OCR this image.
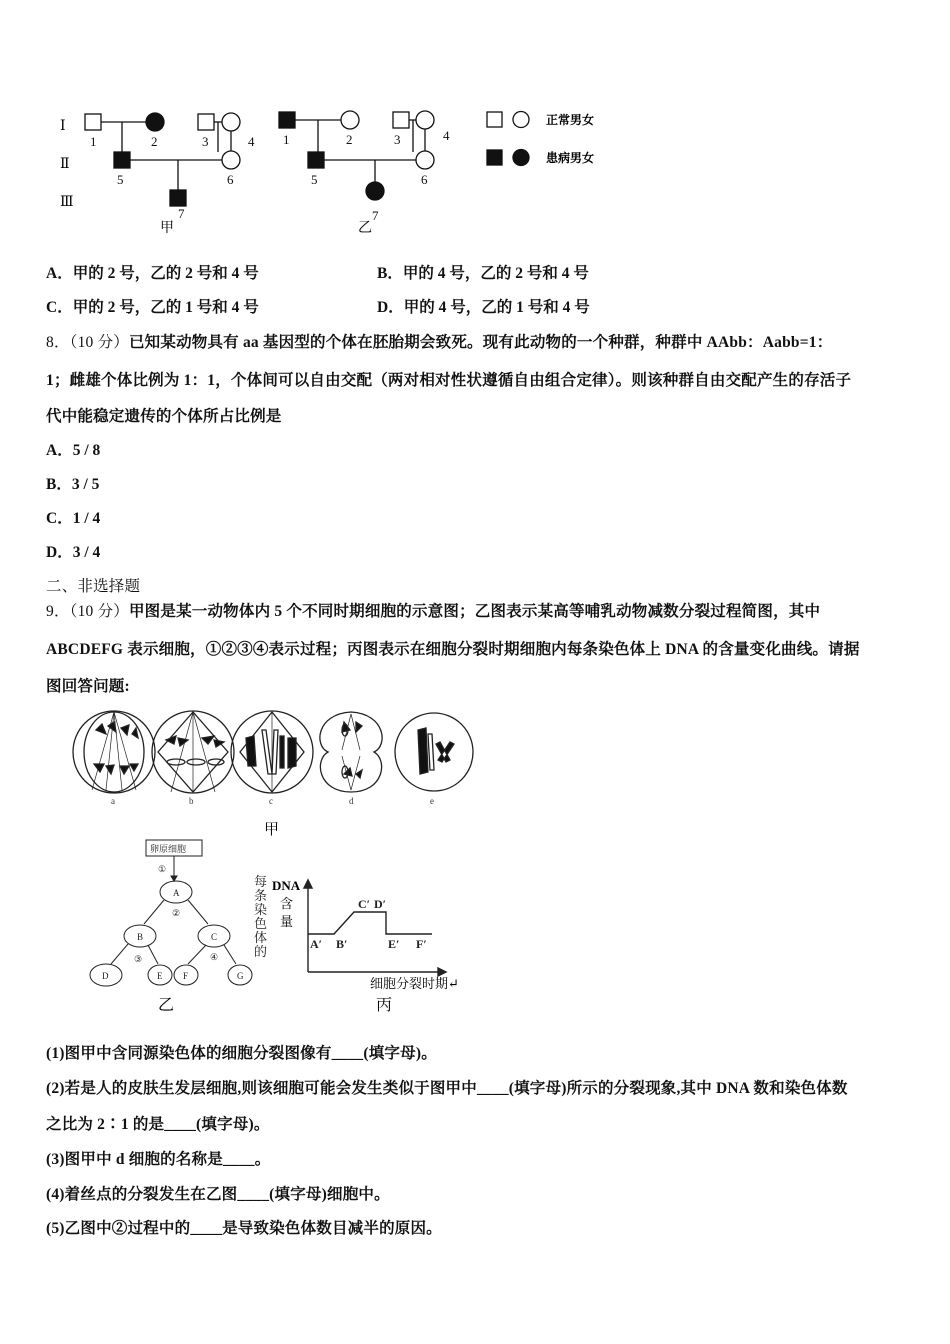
Ⅰ
Ⅱ
Ⅲ
1	2	3	4
5	6
7
甲
1	2	3	4
5	6
7
乙
正常男女
患病男女
A．甲的 2 号，乙的 2 号和 4 号	B．甲的 4 号，乙的 2 号和 4 号
C．甲的 2 号，乙的 1 号和 4 号	D．甲的 4 号，乙的 1 号和 4 号
8．（10 分）已知某动物具有 aa 基因型的个体在胚胎期会致死。现有此动物的一个种群，种群中 AAbb：Aabb=1：
1；雌雄个体比例为 1：1，个体间可以自由交配（两对相对性状遵循自由组合定律）。则该种群自由交配产生的存活子
代中能稳定遗传的个体所占比例是
A．5 / 8
B．3 / 5
C．1 / 4
D．3 / 4
二、非选择题
9．（10 分）甲图是某一动物体内 5 个不同时期细胞的示意图；乙图表示某高等哺乳动物减数分裂过程简图，其中
ABCDEFG 表示细胞，①②③④表示过程；丙图表示在细胞分裂时期细胞内每条染色体上 DNA 的含量变化曲线。请据
图回答问题:
a	b	c	d	e
甲
卵原细胞
①
②
③	④
A
B	C
D	E F	G
乙
每条染色体的
DNA
含
量
A′ B′
C′ D′
E′ F′
细胞分裂时期↵
丙
(1)图甲中含同源染色体的细胞分裂图像有____(填字母)。
(2)若是人的皮肤生发层细胞,则该细胞可能会发生类似于图甲中____(填字母)所示的分裂现象,其中 DNA 数和染色体数
之比为 2∶1 的是____(填字母)。
(3)图甲中 d 细胞的名称是____。
(4)着丝点的分裂发生在乙图____(填字母)细胞中。
(5)乙图中②过程中的____是导致染色体数目减半的原因。
